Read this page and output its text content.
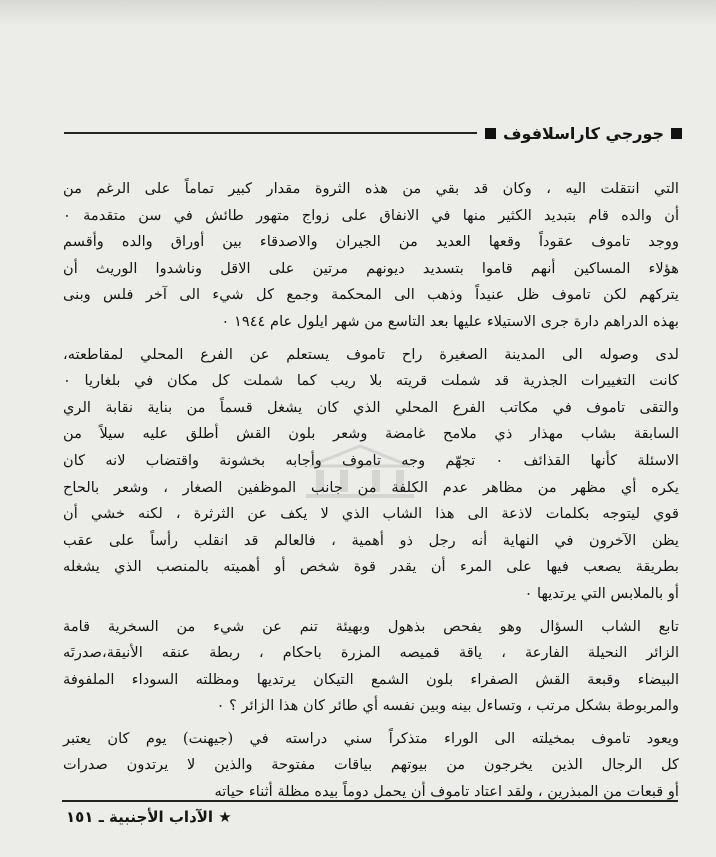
جورجي كاراسلافوف
التي انتقلت اليه ، وكان قد بقي من هذه الثروة مقدار كبير تماماً على الرغم من
أن والده قام بتبديد الكثير منها في الانفاق على زواج متهور طائش في سن متقدمة ٠
ووجد تاموف عقوداً وقعها العديد من الجيران والاصدقاء بين أوراق والده وأقسم
هؤلاء المساكين أنهم قاموا بتسديد ديونهم مرتين على الاقل وناشدوا الوريث أن
يتركهم لكن تاموف ظل عنيداً وذهب الى المحكمة وجمع كل شيء الى آخر فلس وبنى
بهذه الدراهم دارة جرى الاستيلاء عليها بعد التاسع من شهر ايلول عام ١٩٤٤ ٠
لدى وصوله الى المدينة الصغيرة راح تاموف يستعلم عن الفرع المحلي لمقاطعته،
كانت التغييرات الجذرية قد شملت قريته بلا ريب كما شملت كل مكان في بلغاريا ٠
والتقى تاموف في مكاتب الفرع المحلي الذي كان يشغل قسماً من بناية نقابة الري
السابقة بشاب مهذار ذي ملامح غامضة وشعر بلون القش أطلق عليه سيلاً من
الاسئلة كأنها القذائف ٠ تجهّم وجه تاموف وأجابه بخشونة واقتضاب لانه كان
يكره أي مظهر من مظاهر عدم الكلفة من جانب الموظفين الصغار ، وشعر بالحاح
قوي ليتوجه بكلمات لاذعة الى هذا الشاب الذي لا يكف عن الثرثرة ، لكنه خشي أن
يظن الآخرون في النهاية أنه رجل ذو أهمية ، فالعالم قد انقلب رأساً على عقب
بطريقة يصعب فيها على المرء أن يقدر قوة شخص أو أهميته بالمنصب الذي يشغله
أو بالملابس التي يرتديها ٠
تابع الشاب السؤال وهو يفحص بذهول وبهيئة تنم عن شيء من السخرية قامة
الزائر النحيلة الفارعة ، ياقة قميصه المزرة باحكام ، ربطة عنقه الأنيقة،صدرتَه
البيضاء وقبعة القش الصفراء بلون الشمع التيكان يرتديها ومظلته السوداء الملفوفة
والمربوطة بشكل مرتب ، وتساءل بينه وبين نفسه أي طائر كان هذا الزائر ؟ ٠
ويعود تاموف بمخيلته الى الوراء متذكراً سني دراسته في (جيهنت) يوم كان يعتبر
كل الرجال الذين يخرجون من بيوتهم بياقات مفتوحة والذين لا يرتدون صدرات
أو قبعات من المبذرين ، ولقد اعتاد تاموف أن يحمل دوماً بيده مظلة أثناء حياته
★ الآداب الأجنبية ـ ١٥١
